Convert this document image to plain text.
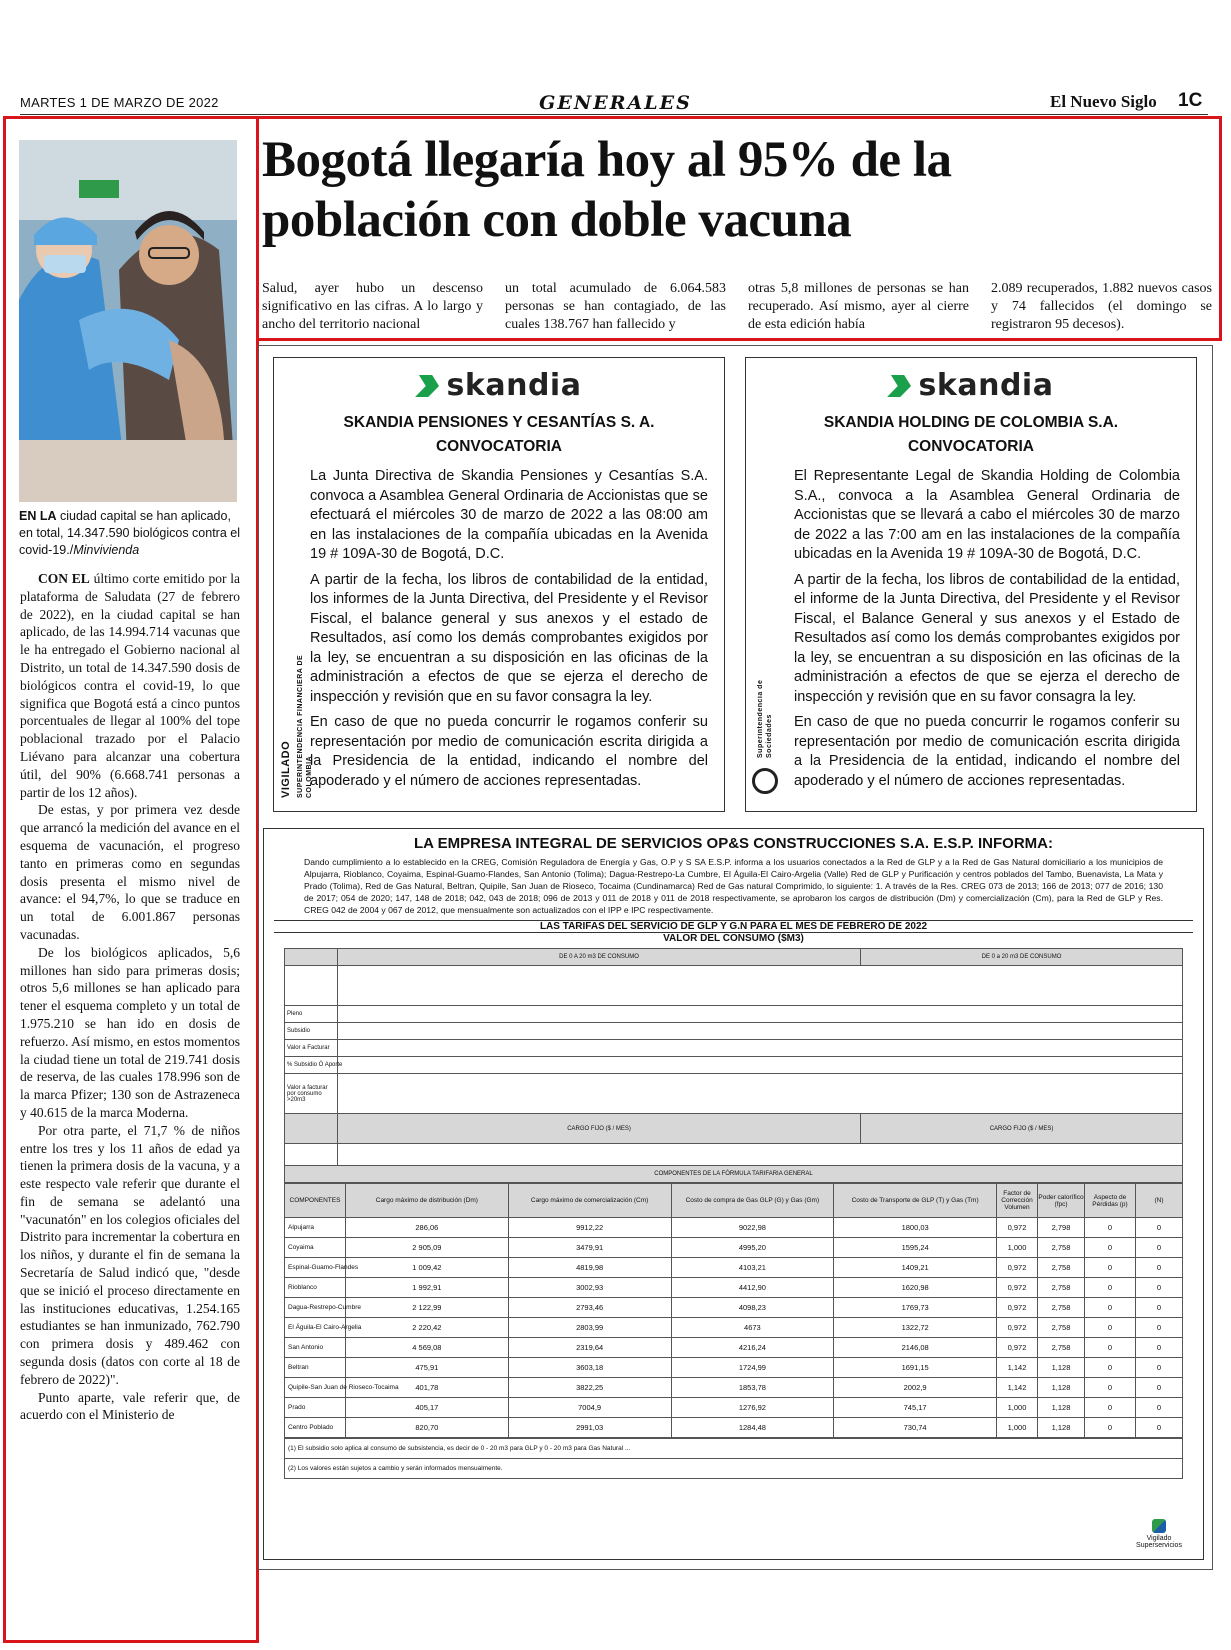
MARTES 1 DE MARZO DE 2022	GENERALES	El Nuevo Siglo 1C
EN LA ciudad capital se han aplicado, en total, 14.347.590 biológicos contra el covid-19./Minvivienda

CON EL último corte emitido por la plataforma de Saludata (27 de febrero de 2022), en la ciudad capital se han aplicado, de las 14.994.714 vacunas que le ha entregado el Gobierno nacional al Distrito, un total de 14.347.590 dosis de biológicos contra el covid-19, lo que significa que Bogotá está a cinco puntos porcentuales de llegar al 100% del tope poblacional trazado por el Palacio Liévano para alcanzar una cobertura útil, del 90% (6.668.741 personas a partir de los 12 años).

De estas, y por primera vez desde que arrancó la medición del avance en el esquema de vacunación, el progreso tanto en primeras como en segundas dosis presenta el mismo nivel de avance: el 94,7%, lo que se traduce en un total de 6.001.867 personas vacunadas.

De los biológicos aplicados, 5,6 millones han sido para primeras dosis; otros 5,6 millones se han aplicado para tener el esquema completo y un total de 1.975.210 se han ido en dosis de refuerzo. Así mismo, en estos momentos la ciudad tiene un total de 219.741 dosis de reserva, de las cuales 178.996 son de la marca Pfizer; 130 son de Astrazeneca y 40.615 de la marca Moderna.

Por otra parte, el 71,7 % de niños entre los tres y los 11 años de edad ya tienen la primera dosis de la vacuna, y a este respecto vale referir que durante el fin de semana se adelantó una "vacunatón" en los colegios oficiales del Distrito para incrementar la cobertura en los niños, y durante el fin de semana la Secretaría de Salud indicó que, "desde que se inició el proceso directamente en las instituciones educativas, 1.254.165 estudiantes se han inmunizado, 762.790 con primera dosis y 489.462 con segunda dosis (datos con corte al 18 de febrero de 2022)".

Punto aparte, vale referir que, de acuerdo con el Ministerio de

Bogotá llegaría hoy al 95% de la población con doble vacuna
Salud, ayer hubo un descenso significativo en las cifras. A lo largo y ancho del territorio nacional
un total acumulado de 6.064.583 personas se han contagiado, de las cuales 138.767 han fallecido y
otras 5,8 millones de personas se han recuperado. Así mismo, ayer al cierre de esta edición había
2.089 recuperados, 1.882 nuevos casos y 74 fallecidos (el domingo se registraron 95 decesos).
skandia
SKANDIA PENSIONES Y CESANTÍAS S. A.
CONVOCATORIA
VIGILADO SUPERINTENDENCIA FINANCIERA DE COLOMBIA

La Junta Directiva de Skandia Pensiones y Cesantías S.A. convoca a Asamblea General Ordinaria de Accionistas que se efectuará el miércoles 30 de marzo de 2022 a las 08:00 am en las instalaciones de la compañía ubicadas en la Avenida 19 # 109A-30 de Bogotá, D.C.

A partir de la fecha, los libros de contabilidad de la entidad, los informes de la Junta Directiva, del Presidente y el Revisor Fiscal, el balance general y sus anexos y el estado de Resultados, así como los demás comprobantes exigidos por la ley, se encuentran a su disposición en las oficinas de la administración a efectos de que se ejerza el derecho de inspección y revisión que en su favor consagra la ley.

En caso de que no pueda concurrir le rogamos conferir su representación por medio de comunicación escrita dirigida a la Presidencia de la entidad, indicando el nombre del apoderado y el número de acciones representadas.

skandia
SKANDIA HOLDING DE COLOMBIA S.A.
CONVOCATORIA
Superintendencia de Sociedades

El Representante Legal de Skandia Holding de Colombia S.A., convoca a la Asamblea General Ordinaria de Accionistas que se llevará a cabo el miércoles 30 de marzo de 2022 a las 7:00 am en las instalaciones de la compañía ubicadas en la Avenida 19 # 109A-30 de Bogotá, D.C.

A partir de la fecha, los libros de contabilidad de la entidad, el informe de la Junta Directiva, del Presidente y el Revisor Fiscal, el Balance General y sus anexos y el Estado de Resultados así como los demás comprobantes exigidos por la ley, se encuentran a su disposición en las oficinas de la administración a efectos de que se ejerza el derecho de inspección y revisión que en su favor consagra la ley.

En caso de que no pueda concurrir le rogamos conferir su representación por medio de comunicación escrita dirigida a la Presidencia de la entidad, indicando el nombre del apoderado y el número de acciones representadas.

LA EMPRESA INTEGRAL DE SERVICIOS OP&S CONSTRUCCIONES S.A. E.S.P. INFORMA:
Dando cumplimiento a lo establecido en la CREG, Comisión Reguladora de Energía y Gas, O.P y S SA E.S.P. informa a los usuarios conectados a la Red de GLP y a la Red de Gas Natural domiciliario a los municipios de Alpujarra, Rioblanco, Coyaima, Espinal-Guamo-Flandes, San Antonio (Tolima); Dagua-Restrepo-La Cumbre, El Águila-El Cairo-Argelia (Valle) Red de GLP y Purificación y centros poblados del Tambo, Buenavista, La Mata y Prado (Tolima), Red de Gas Natural, Beltran, Quipile, San Juan de Rioseco, Tocaima (Cundinamarca) Red de Gas natural Comprimido, lo siguiente: 1. A través de la Res. CREG 073 de 2013; 166 de 2013; 077 de 2016; 130 de 2017; 054 de 2020; 147, 148 de 2018; 042, 043 de 2018; 096 de 2013 y 011 de 2018 y 011 de 2018 respectivamente, se aprobaron los cargos de distribución (Dm) y comercialización (Cm), para la Red de GLP y Res. CREG 042 de 2004 y 067 de 2012, que mensualmente son actualizados con el IPP e IPC respectivamente.
LAS TARIFAS DEL SERVICIO DE GLP Y G.N PARA EL MES DE FEBRERO DE 2022
VALOR DEL CONSUMO ($M3)
	DE 0 A 20 m3 DE CONSUMO	DE 0 a 20 m3 DE CONSUMO

Pleno		
Subsidio		
Valor a Facturar		
% Subsidio Ó Aporte		
Valor a facturar por consumo >20m3		
	CARGO FIJO ($ / MES)	CARGO FIJO ($ / MES)

COMPONENTES DE LA FÓRMULA TARIFARIA GENERAL		
COMPONENTES	Cargo máximo de distribución (Dm)	Cargo máximo de comercialización (Cm)	Costo de compra de Gas GLP (G) y Gas (Gm)	Costo de Transporte de GLP (T) y Gas (Tm)	Factor de Corrección Volumen	Poder calorífico (fpc)	Aspecto de Pérdidas (p)	(N)
Alpujarra	286,06	9912,22	9022,98	1800,03	0,972	2,798	0	0
Coyaima	2 905,09	3479,91	4995,20	1595,24	1,000	2,758	0	0
Espinal-Guamo-Flandes	1 009,42	4819,98	4103,21	1409,21	0,972	2,758	0	0
Rioblanco	1 992,91	3002,93	4412,90	1620,98	0,972	2,758	0	0
Dagua-Restrepo-Cumbre	2 122,99	2793,46	4098,23	1769,73	0,972	2,758	0	0
El Águila-El Cairo-Argelia	2 220,42	2803,99	4673	1322,72	0,972	2,758	0	0
San Antonio	4 569,08	2319,64	4216,24	2146,08	0,972	2,758	0	0
Beltran	475,91	3603,18	1724,99	1691,15	1,142	1,128	0	0
Quipile-San Juan de Rioseco-Tocaima	401,78	3822,25	1853,78	2002,9	1,142	1,128	0	0
Prado	405,17	7004,9	1276,92	745,17	1,000	1,128	0	0
Centro Poblado	820,70	2991,03	1284,48	730,74	1,000	1,128	0	0
(1) El subsidio solo aplica al consumo de subsistencia, es decir de 0 - 20 m3 para GLP y 0 - 20 m3 para Gas Natural ...
(2) Los valores están sujetos a cambio y serán informados mensualmente.
Vigilado Superservicios
